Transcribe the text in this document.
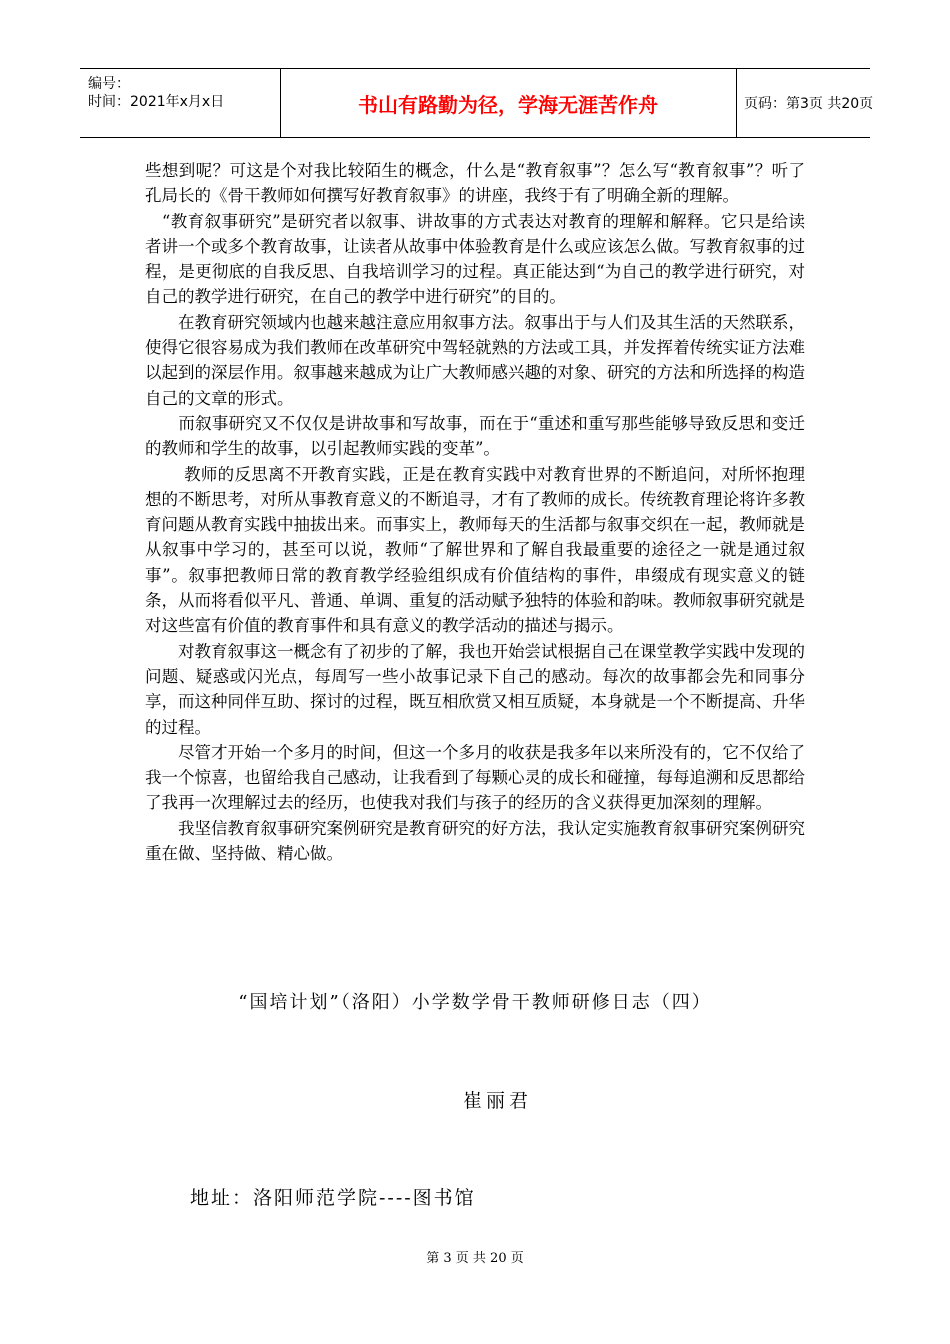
编号：
时间：2021年x月x日	书山有路勤为径，学海无涯苦作舟	页码：第3页 共20页

些想到呢？可这是个对我比较陌生的概念，什么是“教育叙事”？怎么写“教育叙事”？听了孔局长的《骨干教师如何撰写好教育叙事》的讲座，我终于有了明确全新的理解。

　“教育叙事研究”是研究者以叙事、讲故事的方式表达对教育的理解和解释。它只是给读者讲一个或多个教育故事，让读者从故事中体验教育是什么或应该怎么做。写教育叙事的过程，是更彻底的自我反思、自我培训学习的过程。真正能达到“为自己的教学进行研究，对自己的教学进行研究，在自己的教学中进行研究”的目的。

　　在教育研究领域内也越来越注意应用叙事方法。叙事出于与人们及其生活的天然联系，使得它很容易成为我们教师在改革研究中驾轻就熟的方法或工具，并发挥着传统实证方法难以起到的深层作用。叙事越来越成为让广大教师感兴趣的对象、研究的方法和所选择的构造自己的文章的形式。

　　而叙事研究又不仅仅是讲故事和写故事，而在于“重述和重写那些能够导致反思和变迁的教师和学生的故事，以引起教师实践的变革”。

　　 教师的反思离不开教育实践，正是在教育实践中对教育世界的不断追问，对所怀抱理想的不断思考，对所从事教育意义的不断追寻，才有了教师的成长。传统教育理论将许多教育问题从教育实践中抽拔出来。而事实上，教师每天的生活都与叙事交织在一起，教师就是从叙事中学习的，甚至可以说，教师“了解世界和了解自我最重要的途径之一就是通过叙事”。叙事把教师日常的教育教学经验组织成有价值结构的事件，串缀成有现实意义的链条，从而将看似平凡、普通、单调、重复的活动赋予独特的体验和韵味。教师叙事研究就是对这些富有价值的教育事件和具有意义的教学活动的描述与揭示。

　　对教育叙事这一概念有了初步的了解，我也开始尝试根据自己在课堂教学实践中发现的问题、疑惑或闪光点，每周写一些小故事记录下自己的感动。每次的故事都会先和同事分享，而这种同伴互助、探讨的过程，既互相欣赏又相互质疑，本身就是一个不断提高、升华的过程。

　　尽管才开始一个多月的时间，但这一个多月的收获是我多年以来所没有的，它不仅给了我一个惊喜，也留给我自己感动，让我看到了每颗心灵的成长和碰撞，每每追溯和反思都给了我再一次理解过去的经历，也使我对我们与孩子的经历的含义获得更加深刻的理解。

　　我坚信教育叙事研究案例研究是教育研究的好方法，我认定实施教育叙事研究案例研究重在做、坚持做、精心做。

“国培计划”（洛阳）小学数学骨干教师研修日志（四）
崔丽君
地址：洛阳师范学院----图书馆
第 3 页 共 20 页
